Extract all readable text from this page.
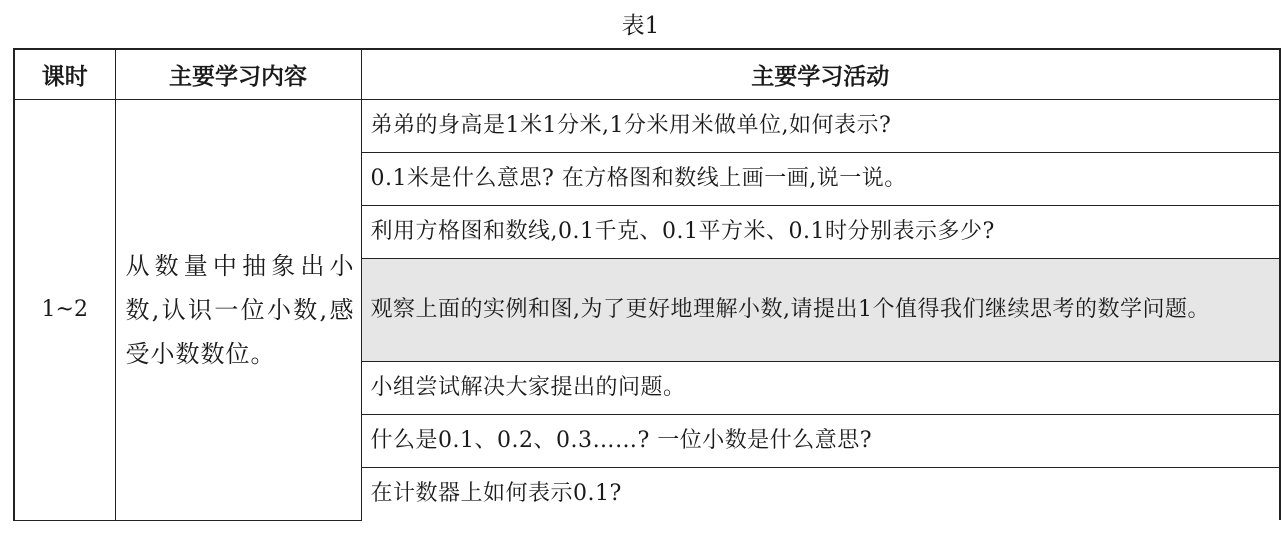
表1
课时	主要学习内容	主要学习活动
1~2	从数量中抽象出小数,认识一位小数,感受小数数位。	弟弟的身高是1米1分米,1分米用米做单位,如何表示?
		0.1米是什么意思? 在方格图和数线上画一画,说一说。
		利用方格图和数线,0.1千克、0.1平方米、0.1时分别表示多少?
		观察上面的实例和图,为了更好地理解小数,请提出1个值得我们继续思考的数学问题。
		小组尝试解决大家提出的问题。
		什么是0.1、0.2、0.3……? 一位小数是什么意思?
		在计数器上如何表示0.1?
